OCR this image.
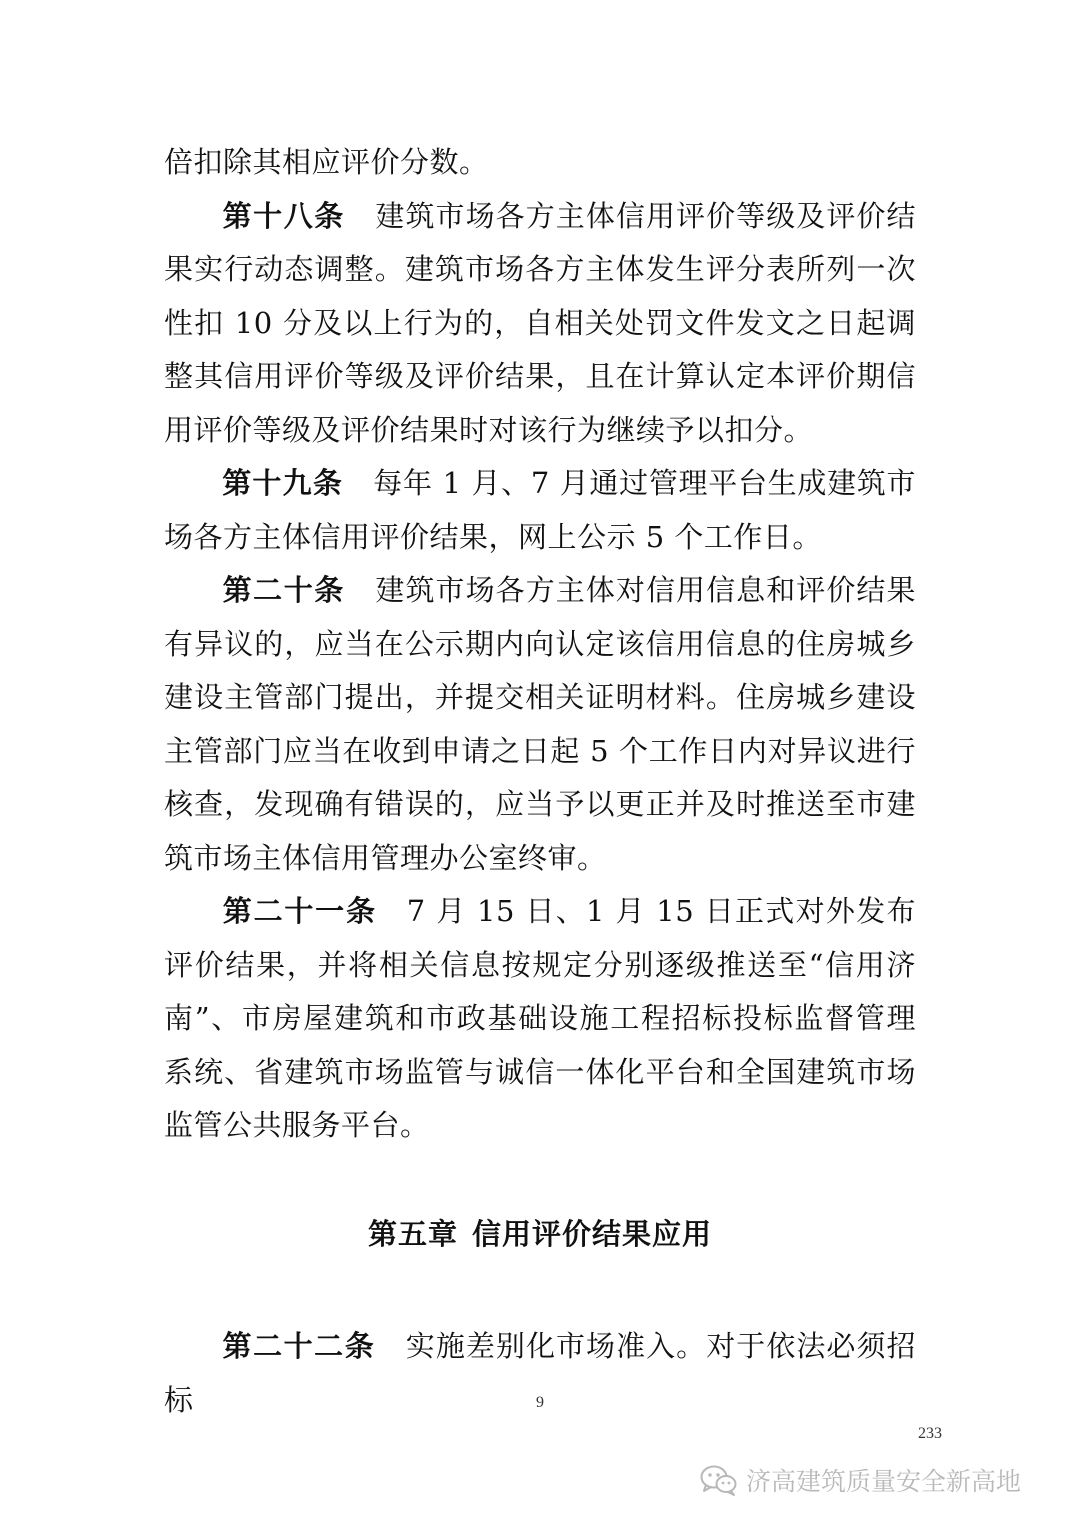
倍扣除其相应评价分数。

第十八条 建筑市场各方主体信用评价等级及评价结果实行动态调整。建筑市场各方主体发生评分表所列一次性扣 10 分及以上行为的，自相关处罚文件发文之日起调整其信用评价等级及评价结果，且在计算认定本评价期信用评价等级及评价结果时对该行为继续予以扣分。

第十九条 每年 1 月、7 月通过管理平台生成建筑市场各方主体信用评价结果，网上公示 5 个工作日。

第二十条 建筑市场各方主体对信用信息和评价结果有异议的，应当在公示期内向认定该信用信息的住房城乡建设主管部门提出，并提交相关证明材料。住房城乡建设主管部门应当在收到申请之日起 5 个工作日内对异议进行核查，发现确有错误的，应当予以更正并及时推送至市建筑市场主体信用管理办公室终审。

第二十一条 7 月 15 日、1 月 15 日正式对外发布评价结果，并将相关信息按规定分别逐级推送至“信用济南”、市房屋建筑和市政基础设施工程招标投标监督管理系统、省建筑市场监管与诚信一体化平台和全国建筑市场监管公共服务平台。

第五章 信用评价结果应用

第二十二条 实施差别化市场准入。对于依法必须招标	9
233
济高建筑质量安全新高地
